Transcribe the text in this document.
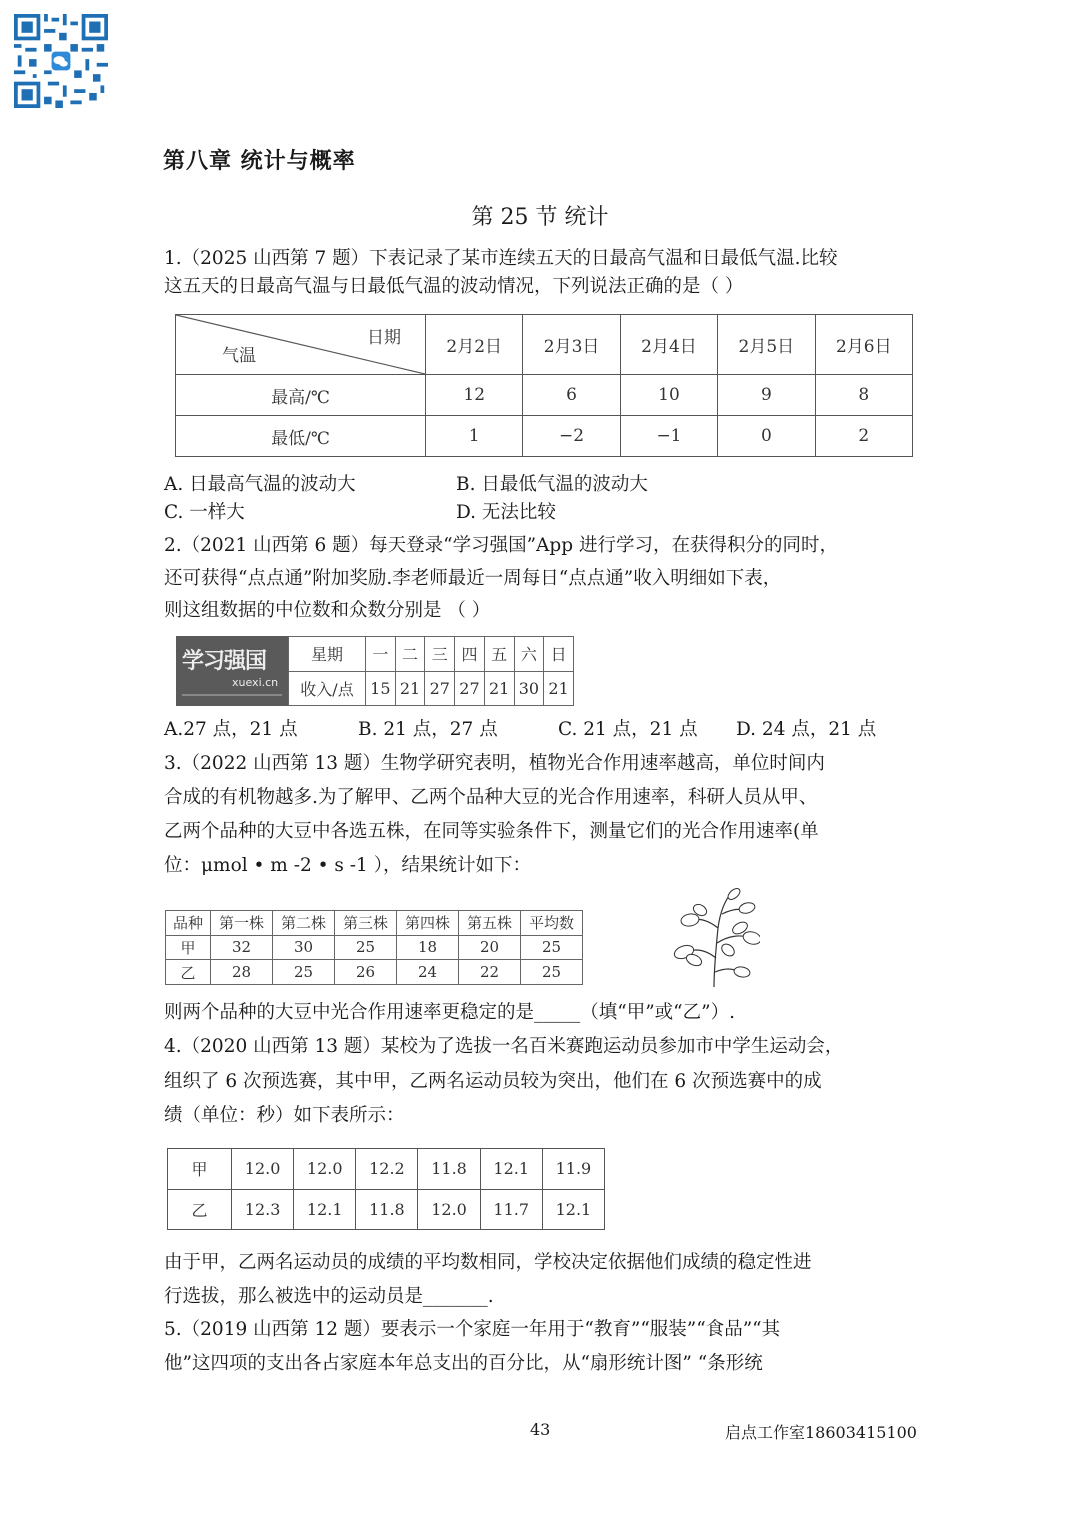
第八章 统计与概率
第 25 节 统计
1.（2025 山西第 7 题）下表记录了某市连续五天的日最高气温和日最低气温.比较
这五天的日最高气温与日最低气温的波动情况，下列说法正确的是（ ）
日期
气温	2月2日	2月3日	2月4日	2月5日	2月6日
最高/℃	12	6	10	9	8
最低/℃	1	−2	−1	0	2
A. 日最高气温的波动大	B. 日最低气温的波动大
C. 一样大	D. 无法比较
2.（2021 山西第 6 题）每天登录“学习强国”App 进行学习，在获得积分的同时，
还可获得“点点通”附加奖励.李老师最近一周每日“点点通”收入明细如下表，
则这组数据的中位数和众数分别是 （ ）
学习强国
xuexi.cn
星期	一	二	三	四	五	六	日
收入/点	15	21	27	27	21	30	21
A.27 点，21 点	B. 21 点，27 点	C. 21 点，21 点	D. 24 点，21 点
3.（2022 山西第 13 题）生物学研究表明，植物光合作用速率越高，单位时间内
合成的有机物越多.为了解甲、乙两个品种大豆的光合作用速率，科研人员从甲、
乙两个品种的大豆中各选五株，在同等实验条件下，测量它们的光合作用速率(单
位：μmol • m -2 • s -1 ），结果统计如下：
品种	第一株	第二株	第三株	第四株	第五株	平均数
甲	32	30	25	18	20	25
乙	28	25	26	24	22	25
则两个品种的大豆中光合作用速率更稳定的是_____（填“甲”或“乙”）.
4.（2020 山西第 13 题）某校为了选拔一名百米赛跑运动员参加市中学生运动会，
组织了 6 次预选赛，其中甲，乙两名运动员较为突出，他们在 6 次预选赛中的成
绩（单位：秒）如下表所示：
甲	12.0	12.0	12.2	11.8	12.1	11.9
乙	12.3	12.1	11.8	12.0	11.7	12.1
由于甲，乙两名运动员的成绩的平均数相同，学校决定依据他们成绩的稳定性进
行选拔，那么被选中的运动员是_______.
5.（2019 山西第 12 题）要表示一个家庭一年用于“教育”“服装”“食品”“其
他”这四项的支出各占家庭本年总支出的百分比，从“扇形统计图” “条形统
43	启点工作室18603415100
